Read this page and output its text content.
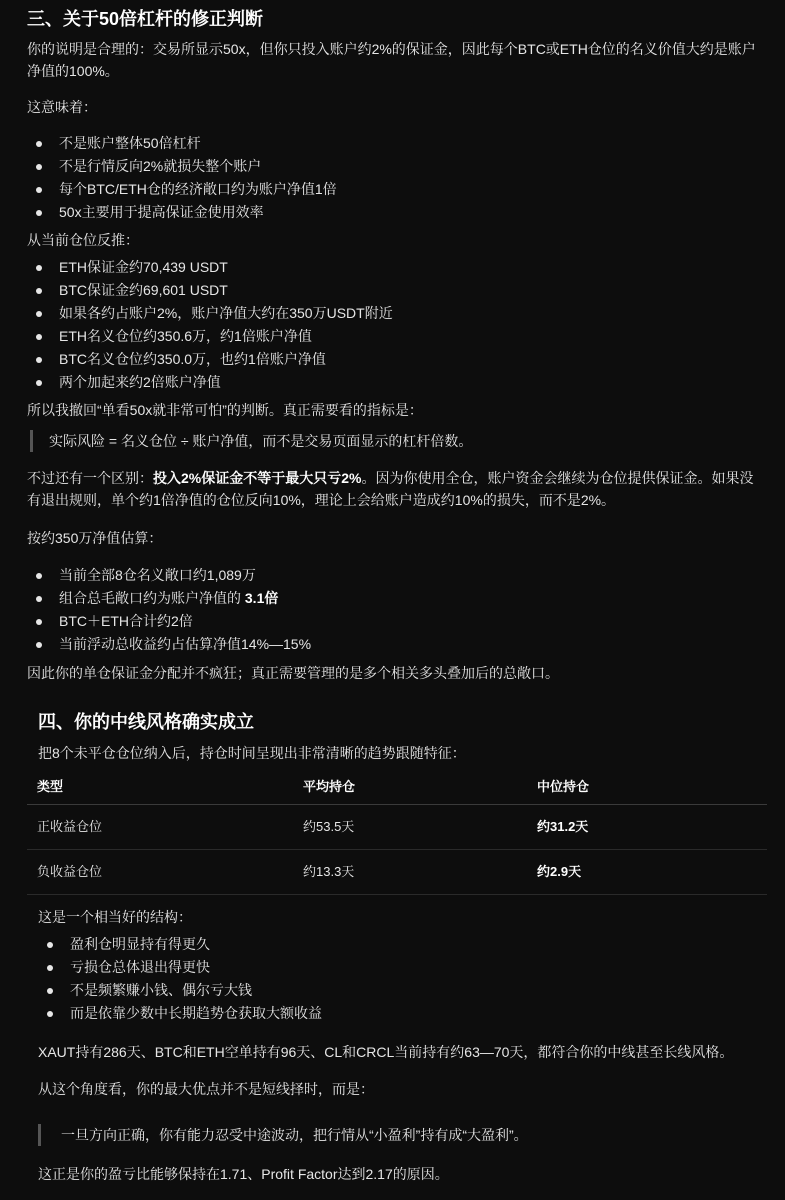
三、关于50倍杠杆的修正判断

你的说明是合理的：交易所显示50x，但你只投入账户约2%的保证金，因此每个BTC或ETH仓位的名义价值大约是账户净值的100%。

这意味着：

不是账户整体50倍杠杆
不是行情反向2%就损失整个账户
每个BTC/ETH仓的经济敞口约为账户净值1倍
50x主要用于提高保证金使用效率

从当前仓位反推：

ETH保证金约70,439 USDT
BTC保证金约69,601 USDT
如果各约占账户2%，账户净值大约在350万USDT附近
ETH名义仓位约350.6万，约1倍账户净值
BTC名义仓位约350.0万，也约1倍账户净值
两个加起来约2倍账户净值

所以我撤回“单看50x就非常可怕”的判断。真正需要看的指标是：

实际风险 = 名义仓位 ÷ 账户净值，而不是交易页面显示的杠杆倍数。

不过还有一个区别：投入2%保证金不等于最大只亏2%。因为你使用全仓，账户资金会继续为仓位提供保证金。如果没有退出规则，单个约1倍净值的仓位反向10%，理论上会给账户造成约10%的损失，而不是2%。

按约350万净值估算：

当前全部8仓名义敞口约1,089万
组合总毛敞口约为账户净值的 3.1倍
BTC＋ETH合计约2倍
当前浮动总收益约占估算净值14%—15%

因此你的单仓保证金分配并不疯狂；真正需要管理的是多个相关多头叠加后的总敞口。

四、你的中线风格确实成立

把8个未平仓仓位纳入后，持仓时间呈现出非常清晰的趋势跟随特征：

类型	平均持仓	中位持仓
正收益仓位	约53.5天	约31.2天
负收益仓位	约13.3天	约2.9天

这是一个相当好的结构：

盈利仓明显持有得更久
亏损仓总体退出得更快
不是频繁赚小钱、偶尔亏大钱
而是依靠少数中长期趋势仓获取大额收益

XAUT持有286天、BTC和ETH空单持有96天、CL和CRCL当前持有约63—70天，都符合你的中线甚至长线风格。

从这个角度看，你的最大优点并不是短线择时，而是：

一旦方向正确，你有能力忍受中途波动，把行情从“小盈利”持有成“大盈利”。

这正是你的盈亏比能够保持在1.71、Profit Factor达到2.17的原因。
